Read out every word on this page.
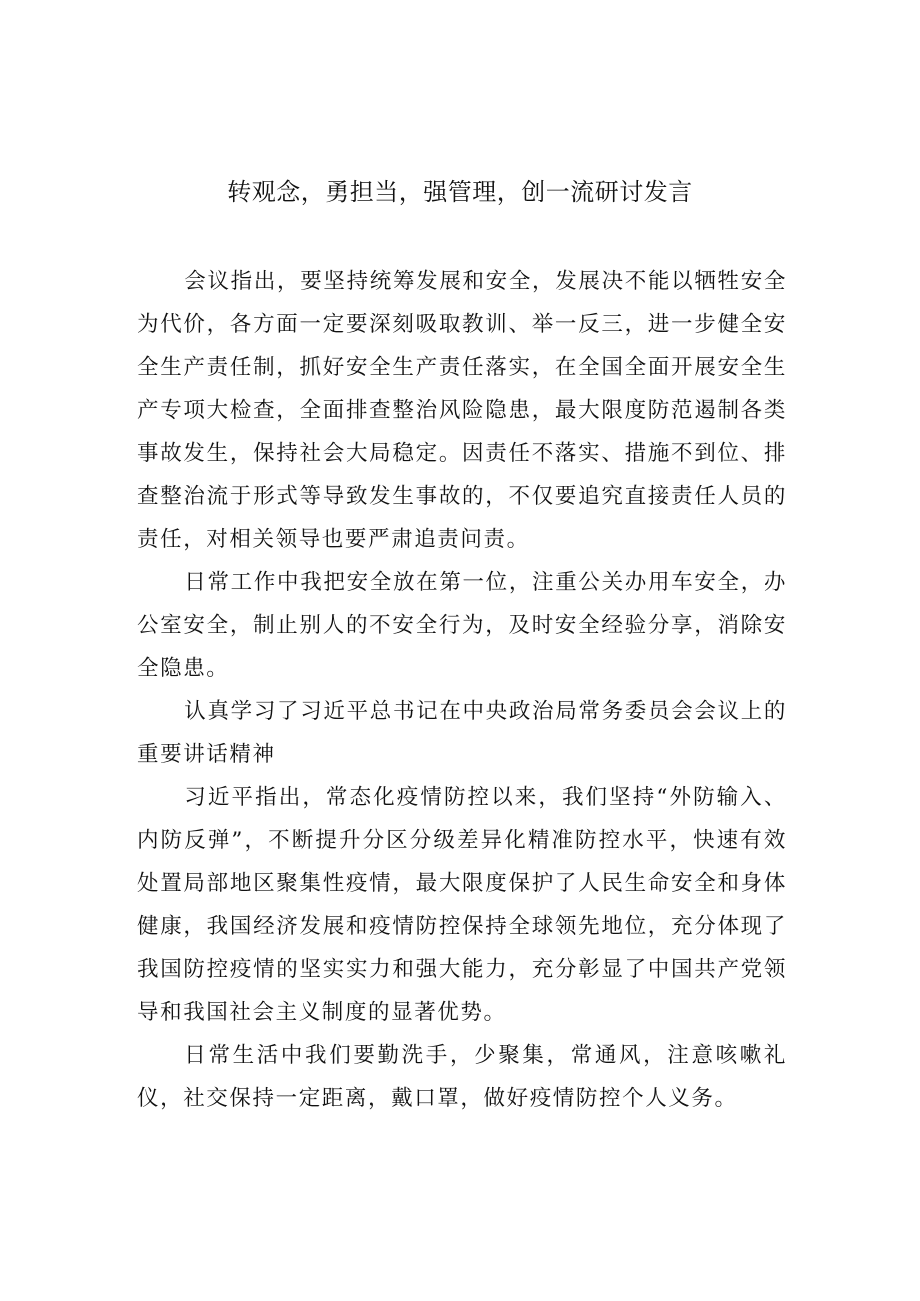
转观念，勇担当，强管理，创一流研讨发言

会议指出，要坚持统筹发展和安全，发展决不能以牺牲安全为代价，各方面一定要深刻吸取教训、举一反三，进一步健全安全生产责任制，抓好安全生产责任落实，在全国全面开展安全生产专项大检查，全面排查整治风险隐患，最大限度防范遏制各类事故发生，保持社会大局稳定。因责任不落实、措施不到位、排查整治流于形式等导致发生事故的，不仅要追究直接责任人员的责任，对相关领导也要严肃追责问责。

日常工作中我把安全放在第一位，注重公关办用车安全，办公室安全，制止别人的不安全行为，及时安全经验分享，消除安全隐患。

认真学习了习近平总书记在中央政治局常务委员会会议上的重要讲话精神

习近平指出，常态化疫情防控以来，我们坚持“外防输入、内防反弹”，不断提升分区分级差异化精准防控水平，快速有效处置局部地区聚集性疫情，最大限度保护了人民生命安全和身体健康，我国经济发展和疫情防控保持全球领先地位，充分体现了我国防控疫情的坚实实力和强大能力，充分彰显了中国共产党领导和我国社会主义制度的显著优势。

日常生活中我们要勤洗手，少聚集，常通风，注意咳嗽礼仪，社交保持一定距离，戴口罩，做好疫情防控个人义务。
